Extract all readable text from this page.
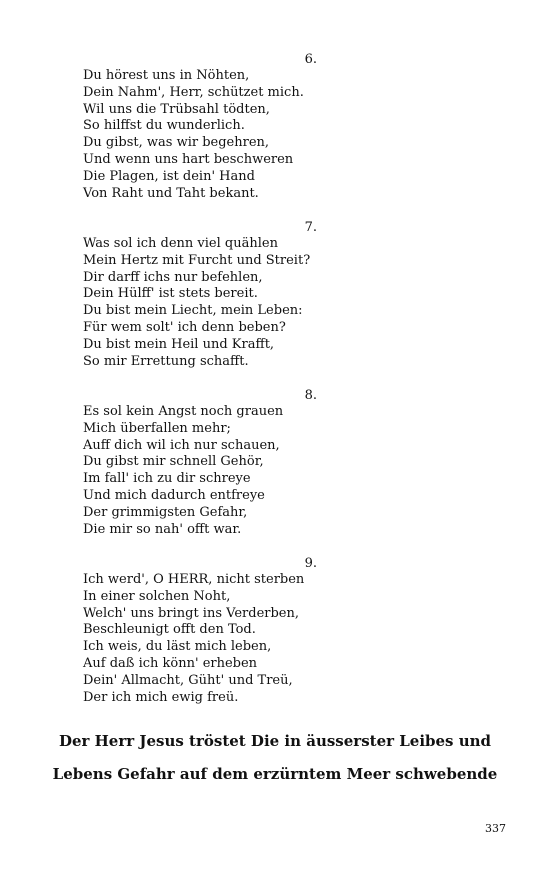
6.
Du hörest uns in Nöhten,
Dein Nahm', Herr, schützet mich.
Wil uns die Trübsahl tödten,
So hilffst du wunderlich.
Du gibst, was wir begehren,
Und wenn uns hart beschweren
Die Plagen, ist dein' Hand
Von Raht und Taht bekant.
7.
Was sol ich denn viel quählen
Mein Hertz mit Furcht und Streit?
Dir darff ichs nur befehlen,
Dein Hülff' ist stets bereit.
Du bist mein Liecht, mein Leben:
Für wem solt' ich denn beben?
Du bist mein Heil und Krafft,
So mir Errettung schafft.
8.
Es sol kein Angst noch grauen
Mich überfallen mehr;
Auff dich wil ich nur schauen,
Du gibst mir schnell Gehör,
Im fall' ich zu dir schreye
Und mich dadurch entfreye
Der grimmigsten Gefahr,
Die mir so nah' offt war.
9.
Ich werd', O HERR, nicht sterben
In einer solchen Noht,
Welch' uns bringt ins Verderben,
Beschleunigt offt den Tod.
Ich weis, du läst mich leben,
Auf daß ich könn' erheben
Dein' Allmacht, Güht' und Treü,
Der ich mich ewig freü.
Der Herr Jesus tröstet Die in äusserster Leibes und
Lebens Gefahr auf dem erzürntem Meer schwebende
337
